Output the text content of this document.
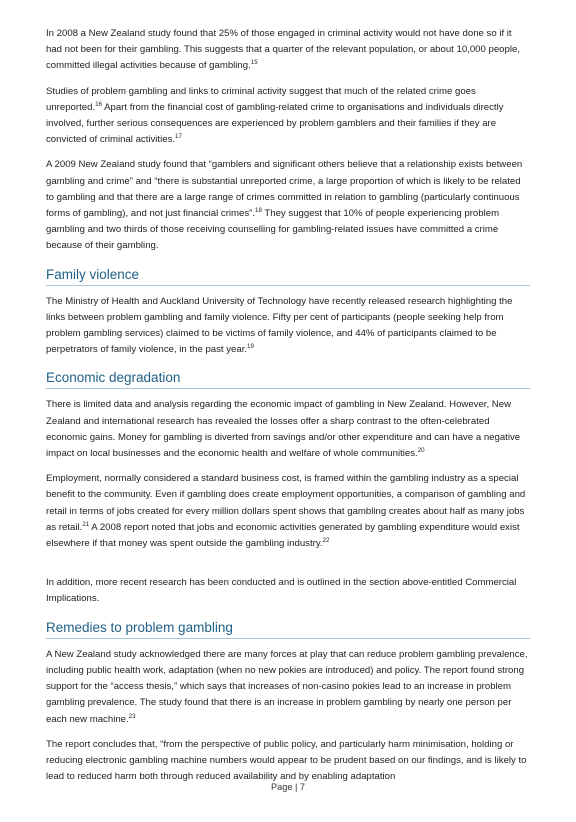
In 2008 a New Zealand study found that 25% of those engaged in criminal activity would not have done so if it had not been for their gambling. This suggests that a quarter of the relevant population, or about 10,000 people, committed illegal activities because of gambling.$^{15}$

Studies of problem gambling and links to criminal activity suggest that much of the related crime goes unreported.$^{16}$ Apart from the financial cost of gambling-related crime to organisations and individuals directly involved, further serious consequences are experienced by problem gamblers and their families if they are convicted of criminal activities.$^{17}$

A 2009 New Zealand study found that “gamblers and significant others believe that a relationship exists between gambling and crime” and “there is substantial unreported crime, a large proportion of which is likely to be related to gambling and that there are a large range of crimes committed in relation to gambling (particularly continuous forms of gambling), and not just financial crimes”.$^{18}$ They suggest that 10% of people experiencing problem gambling and two thirds of those receiving counselling for gambling-related issues have committed a crime because of their gambling.

Family violence

The Ministry of Health and Auckland University of Technology have recently released research highlighting the links between problem gambling and family violence. Fifty per cent of participants (people seeking help from problem gambling services) claimed to be victims of family violence, and 44% of participants claimed to be perpetrators of family violence, in the past year.$^{19}$

Economic degradation

There is limited data and analysis regarding the economic impact of gambling in New Zealand. However, New Zealand and international research has revealed the losses offer a sharp contrast to the often-celebrated economic gains. Money for gambling is diverted from savings and/or other expenditure and can have a negative impact on local businesses and the economic health and welfare of whole communities.$^{20}$

Employment, normally considered a standard business cost, is framed within the gambling industry as a special benefit to the community. Even if gambling does create employment opportunities, a comparison of gambling and retail in terms of jobs created for every million dollars spent shows that gambling creates about half as many jobs as retail.$^{21}$ A 2008 report noted that jobs and economic activities generated by gambling expenditure would exist elsewhere if that money was spent outside the gambling industry.$^{22}$

In addition, more recent research has been conducted and is outlined in the section above-entitled Commercial Implications.

Remedies to problem gambling

A New Zealand study acknowledged there are many forces at play that can reduce problem gambling prevalence, including public health work, adaptation (when no new pokies are introduced) and policy. The report found strong support for the “access thesis,” which says that increases of non-casino pokies lead to an increase in problem gambling prevalence. The study found that there is an increase in problem gambling by nearly one person per each new machine.$^{23}$

The report concludes that, “from the perspective of public policy, and particularly harm minimisation, holding or reducing electronic gambling machine numbers would appear to be prudent based on our findings, and is likely to lead to reduced harm both through reduced availability and by enabling adaptation

Page | 7
